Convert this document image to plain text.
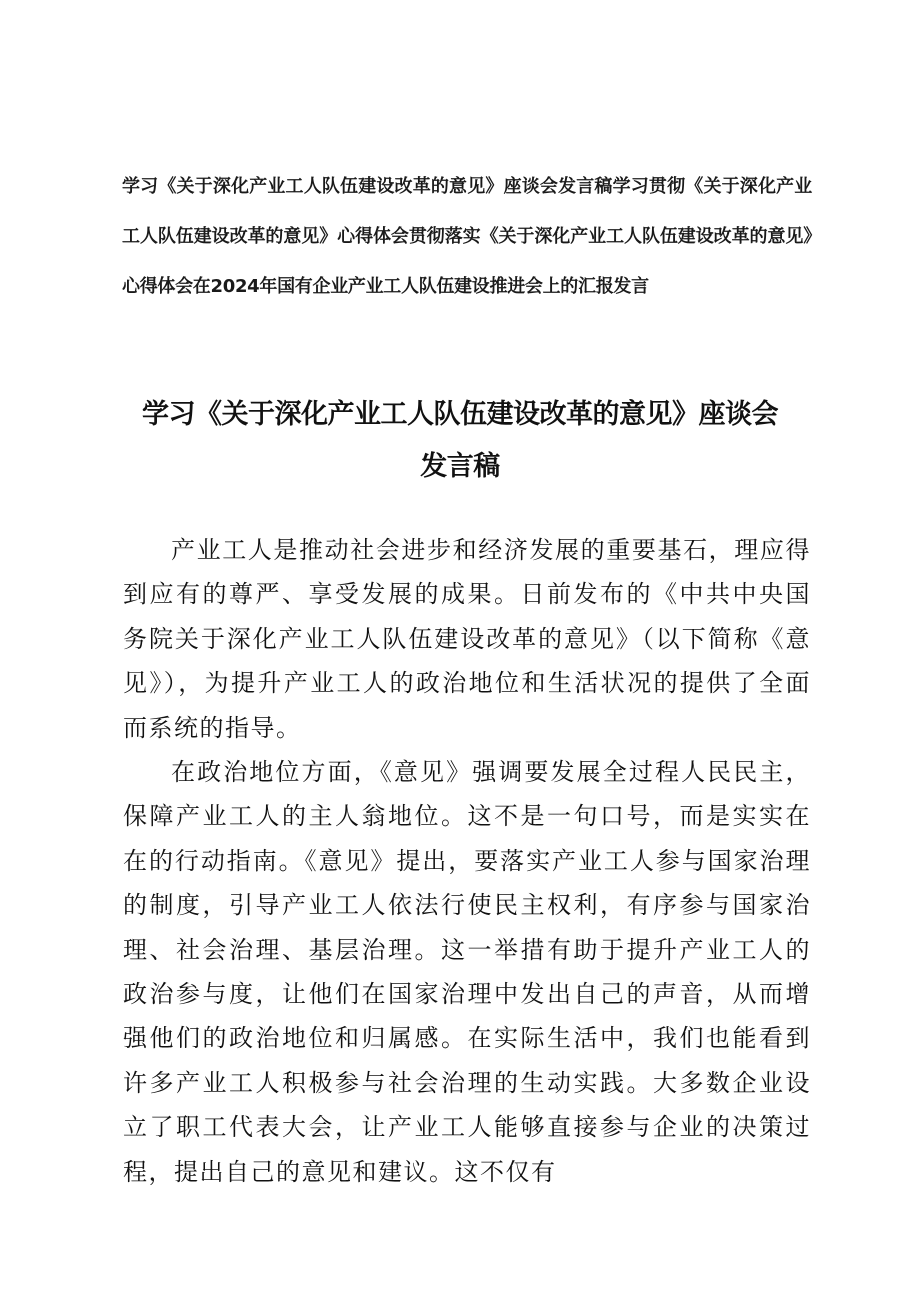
学习《关于深化产业工人队伍建设改革的意见》座谈会发言稿学习贯彻《关于深化产业工人队伍建设改革的意见》心得体会贯彻落实《关于深化产业工人队伍建设改革的意见》心得体会在2024年国有企业产业工人队伍建设推进会上的汇报发言
学习《关于深化产业工人队伍建设改革的意见》座谈会
发言稿

产业工人是推动社会进步和经济发展的重要基石，理应得到应有的尊严、享受发展的成果。日前发布的《中共中央国务院关于深化产业工人队伍建设改革的意见》（以下简称《意见》），为提升产业工人的政治地位和生活状况的提供了全面而系统的指导。

在政治地位方面，《意见》强调要发展全过程人民民主，保障产业工人的主人翁地位。这不是一句口号，而是实实在在的行动指南。《意见》提出，要落实产业工人参与国家治理的制度，引导产业工人依法行使民主权利，有序参与国家治理、社会治理、基层治理。这一举措有助于提升产业工人的政治参与度，让他们在国家治理中发出自己的声音，从而增强他们的政治地位和归属感。在实际生活中，我们也能看到许多产业工人积极参与社会治理的生动实践。大多数企业设立了职工代表大会，让产业工人能够直接参与企业的决策过程，提出自己的意见和建议。这不仅有
